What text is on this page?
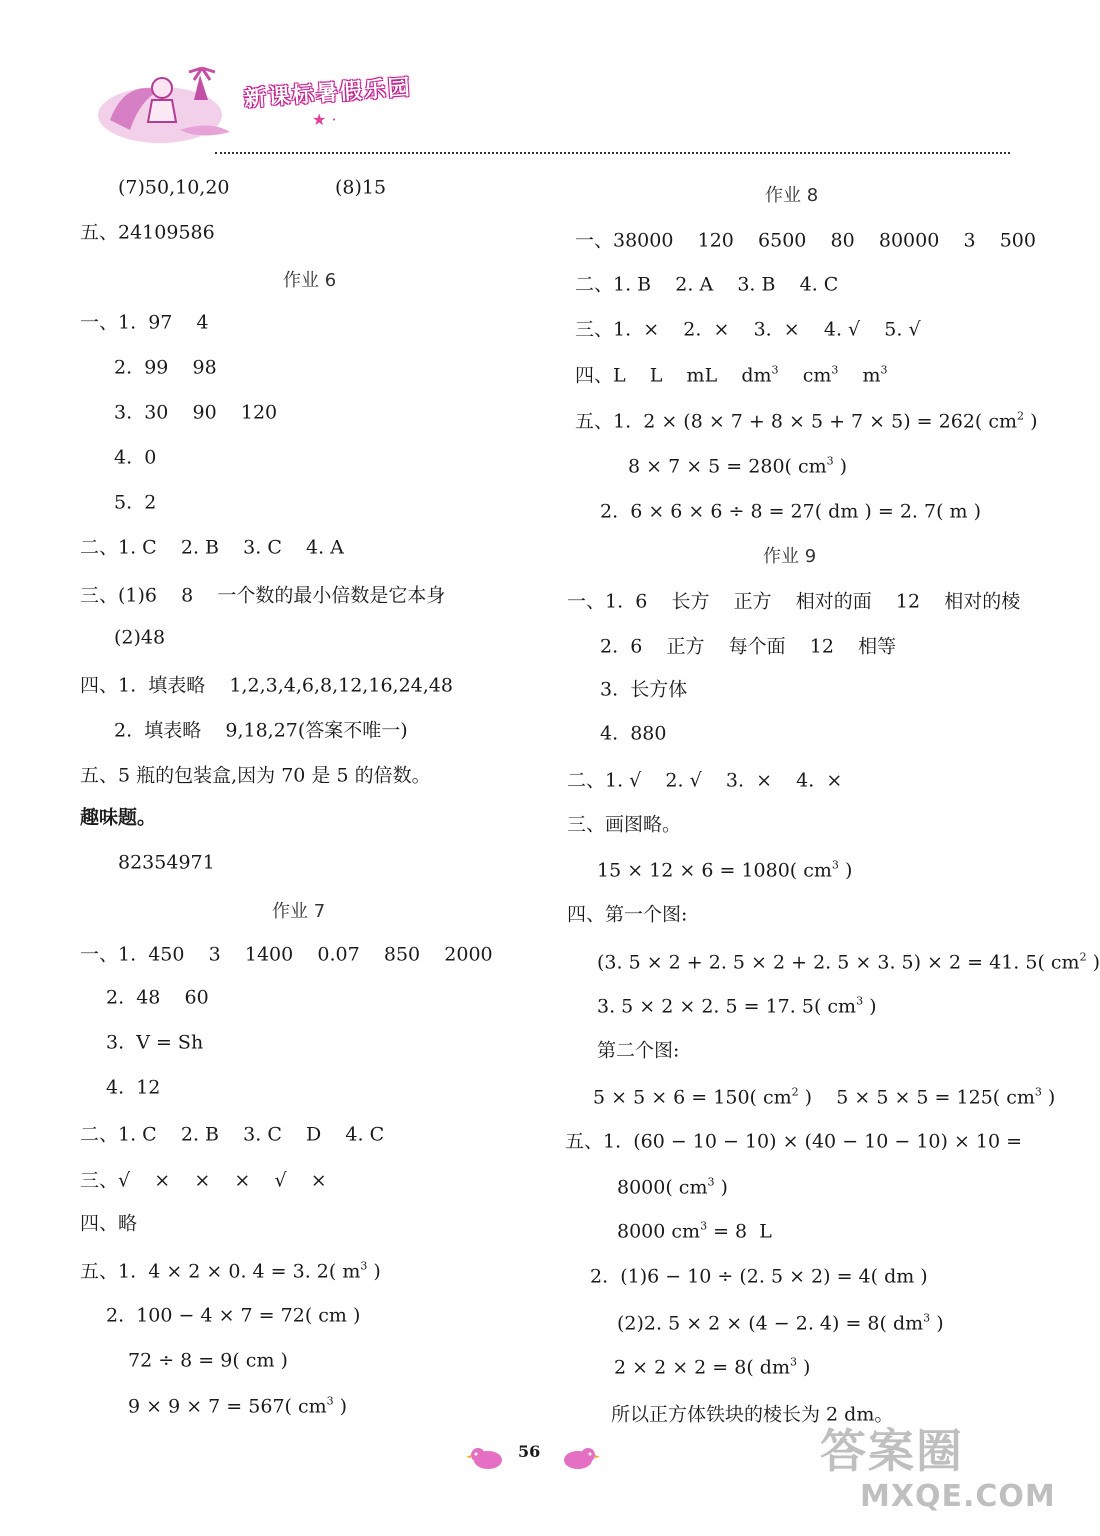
新课标暑假乐园
★ ·
(7)50,10,20	(8)15
五、24109586
作业 6
一、1.  97    4
2.  99    98
3.  30    90    120
4.  0
5.  2
二、1. C    2. B    3. C    4. A
三、(1)6    8    一个数的最小倍数是它本身
(2)48
四、1.  填表略    1,2,3,4,6,8,12,16,24,48
2.  填表略    9,18,27(答案不唯一)
五、5 瓶的包装盒,因为 70 是 5 的倍数。
趣味题。
82354971
作业 7
一、1.  450    3    1400    0.07    850    2000
2.  48    60
3.  V = Sh
4.  12
二、1. C    2. B    3. C    D    4. C
三、√    ×    ×    ×    √    ×
四、略
五、1.  4 × 2 × 0. 4 = 3. 2( $m^3$ )
2.  100 − 4 × 7 = 72( cm )
72 ÷ 8 = 9( cm )
9 × 9 × 7 = 567( $cm^3$ )
作业 8
一、38000    120    6500    80    80000    3    500
二、1. B    2. A    3. B    4. C
三、1.  ×    2.  ×    3.  ×    4. √    5. √
四、L    L    mL    $dm^3$    $cm^3$    $m^3$
五、1.  2 × (8 × 7 + 8 × 5 + 7 × 5) = 262( $cm^2$ )
8 × 7 × 5 = 280( $cm^3$ )
2.  6 × 6 × 6 ÷ 8 = 27( dm ) = 2. 7( m )
作业 9
一、1.  6    长方    正方    相对的面    12    相对的棱
2.  6    正方    每个面    12    相等
3.  长方体
4.  880
二、1. √    2. √    3.  ×    4.  ×
三、画图略。
15 × 12 × 6 = 1080( $cm^3$ )
四、第一个图:
(3. 5 × 2 + 2. 5 × 2 + 2. 5 × 3. 5) × 2 = 41. 5( $cm^2$ )
3. 5 × 2 × 2. 5 = 17. 5( $cm^3$ )
第二个图:
5 × 5 × 6 = 150( $cm^2$ )    5 × 5 × 5 = 125( $cm^3$ )
五、1.  (60 − 10 − 10) × (40 − 10 − 10) × 10 =
8000( $cm^3$ )
8000 $cm^3 = 8$  L
2.  (1)6 − 10 ÷ (2. 5 × 2) = 4( dm )
(2)2. 5 × 2 × (4 − 2. 4) = 8( $dm^3$ )
2 × 2 × 2 = 8( $dm^3$ )
所以正方体铁块的棱长为 2 dm。
56	答案圈
MXQE.COM
